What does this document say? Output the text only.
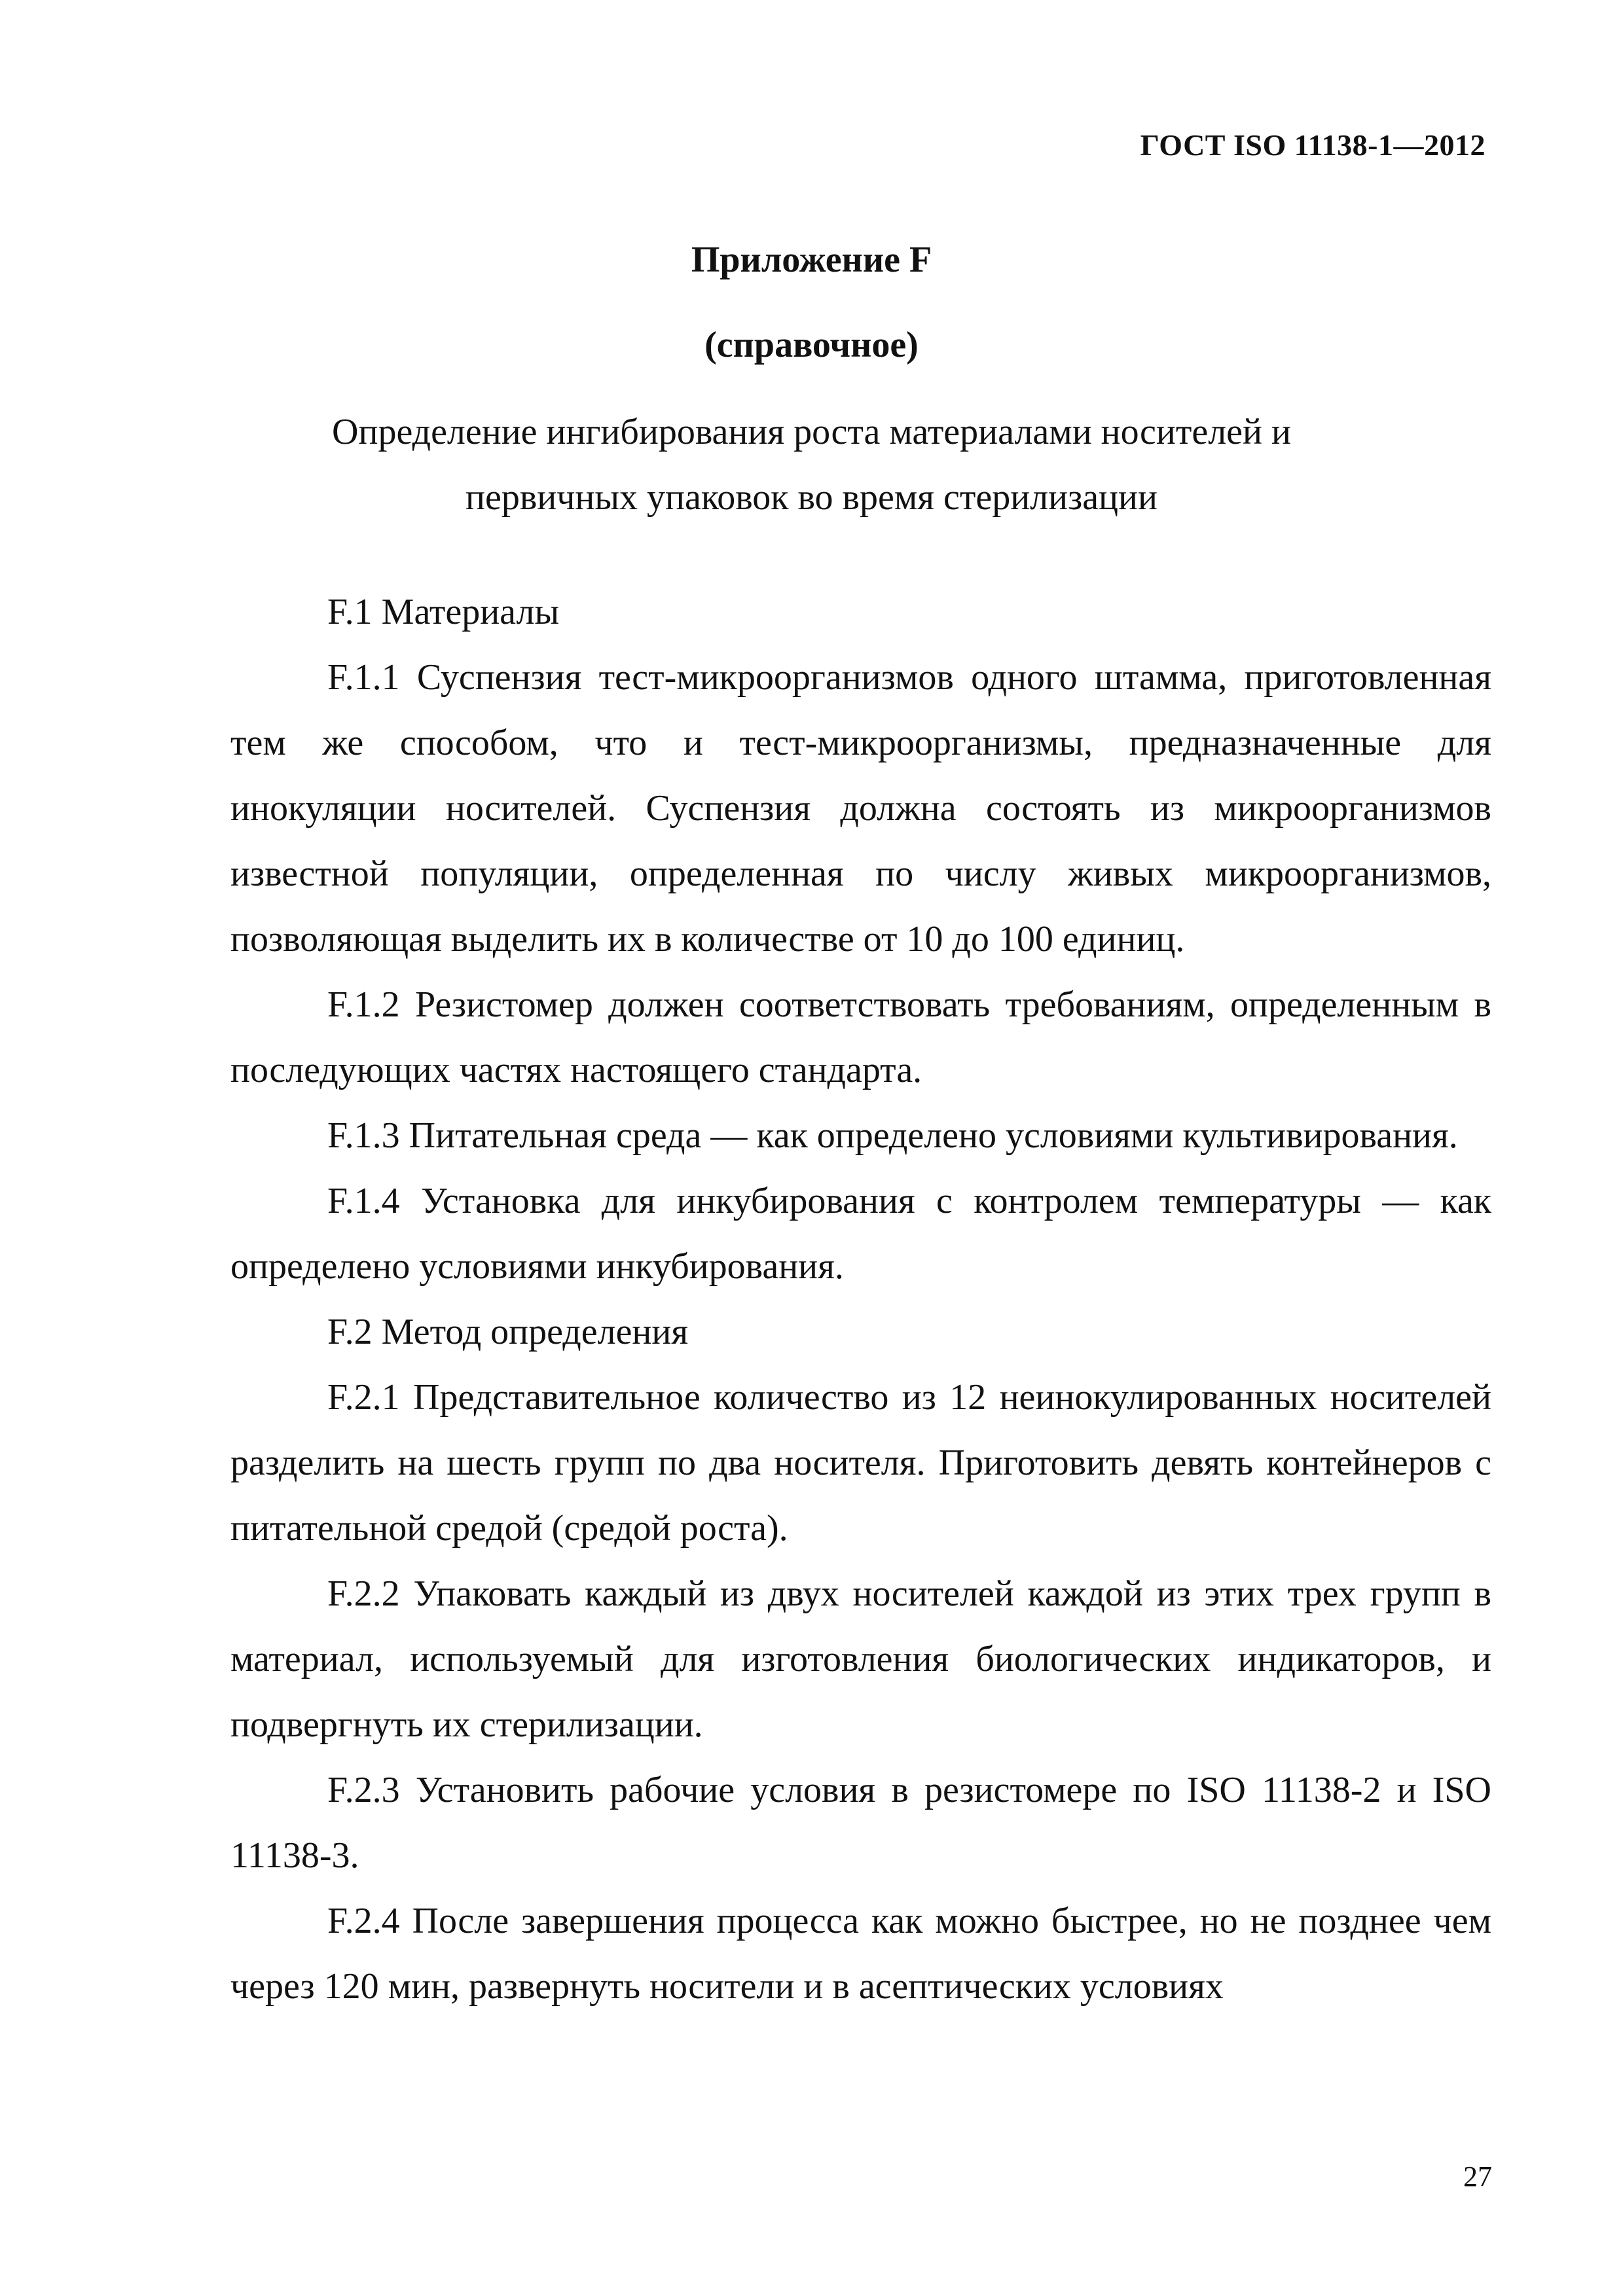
ГОСТ ISO 11138-1—2012
Приложение F
(справочное)
Определение ингибирования роста материалами носителей и
первичных упаковок во время стерилизации

F.1 Материалы

F.1.1 Суспензия тест-микроорганизмов одного штамма, приготовленная тем же способом, что и тест-микроорганизмы, предназначенные для инокуляции носителей. Суспензия должна состоять из микроорганизмов известной популяции, определенная по числу живых микроорганизмов, позволяющая выделить их в количестве от 10 до 100 единиц.

F.1.2 Резистомер должен соответствовать требованиям, определенным в последующих частях настоящего стандарта.

F.1.3 Питательная среда — как определено условиями культивирования.

F.1.4 Установка для инкубирования с контролем температуры — как определено условиями инкубирования.

F.2 Метод определения

F.2.1 Представительное количество из 12 неинокулированных носителей разделить на шесть групп по два носителя. Приготовить девять контейнеров с питательной средой (средой роста).

F.2.2 Упаковать каждый из двух носителей каждой из этих трех групп в материал, используемый для изготовления биологических индикаторов, и подвергнуть их стерилизации.

F.2.3 Установить рабочие условия в резистомере по ISO 11138-2 и ISO 11138-3.

F.2.4 После завершения процесса как можно быстрее, но не позднее чем через 120 мин, развернуть носители и в асептических условиях

27
